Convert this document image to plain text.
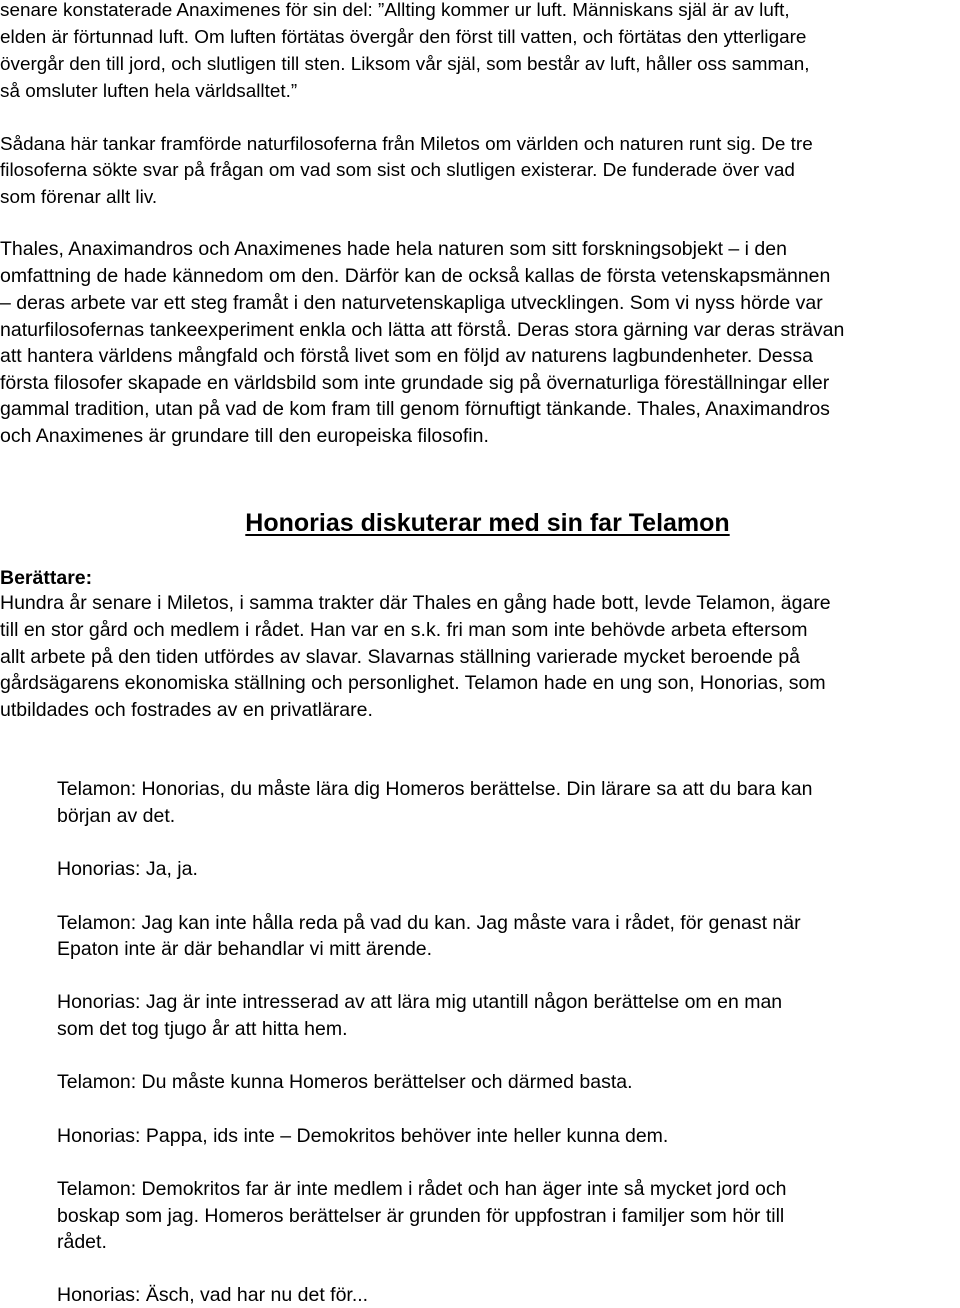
senare konstaterade Anaximenes för sin del: ”Allting kommer ur luft. Människans själ är av luft,
elden är förtunnad luft. Om luften förtätas övergår den först till vatten, och förtätas den ytterligare
övergår den till jord, och slutligen till sten. Liksom vår själ, som består av luft, håller oss samman,
så omsluter luften hela världsalltet.”
Sådana här tankar framförde naturfilosoferna från Miletos om världen och naturen runt sig. De tre
filosoferna sökte svar på frågan om vad som sist och slutligen existerar. De funderade över vad
som förenar allt liv.
Thales, Anaximandros och Anaximenes hade hela naturen som sitt forskningsobjekt – i den
omfattning de hade kännedom om den. Därför kan de också kallas de första vetenskapsmännen
– deras arbete var ett steg framåt i den naturvetenskapliga utvecklingen. Som vi nyss hörde var
naturfilosofernas tankeexperiment enkla och lätta att förstå. Deras stora gärning var deras strävan
att hantera världens mångfald och förstå livet som en följd av naturens lagbundenheter. Dessa
första filosofer skapade en världsbild som inte grundade sig på övernaturliga föreställningar eller
gammal tradition, utan på vad de kom fram till genom förnuftigt tänkande. Thales, Anaximandros
och Anaximenes är grundare till den europeiska filosofin.
Honorias diskuterar med sin far Telamon
Berättare:
Hundra år senare i Miletos, i samma trakter där Thales en gång hade bott, levde Telamon, ägare
till en stor gård och medlem i rådet. Han var en s.k. fri man som inte behövde arbeta eftersom
allt arbete på den tiden utfördes av slavar. Slavarnas ställning varierade mycket beroende på
gårdsägarens ekonomiska ställning och personlighet. Telamon hade en ung son, Honorias, som
utbildades och fostrades av en privatlärare.
Telamon: Honorias, du måste lära dig Homeros berättelse. Din lärare sa att du bara kan
början av det.
Honorias: Ja, ja.
Telamon: Jag kan inte hålla reda på vad du kan. Jag måste vara i rådet, för genast när
Epaton inte är där behandlar vi mitt ärende.
Honorias: Jag är inte intresserad av att lära mig utantill någon berättelse om en man
som det tog tjugo år att hitta hem.
Telamon: Du måste kunna Homeros berättelser och därmed basta.
Honorias: Pappa, ids inte – Demokritos behöver inte heller kunna dem.
Telamon: Demokritos far är inte medlem i rådet och han äger inte så mycket jord och
boskap som jag. Homeros berättelser är grunden för uppfostran i familjer som hör till
rådet.
Honorias: Äsch, vad har nu det för...
